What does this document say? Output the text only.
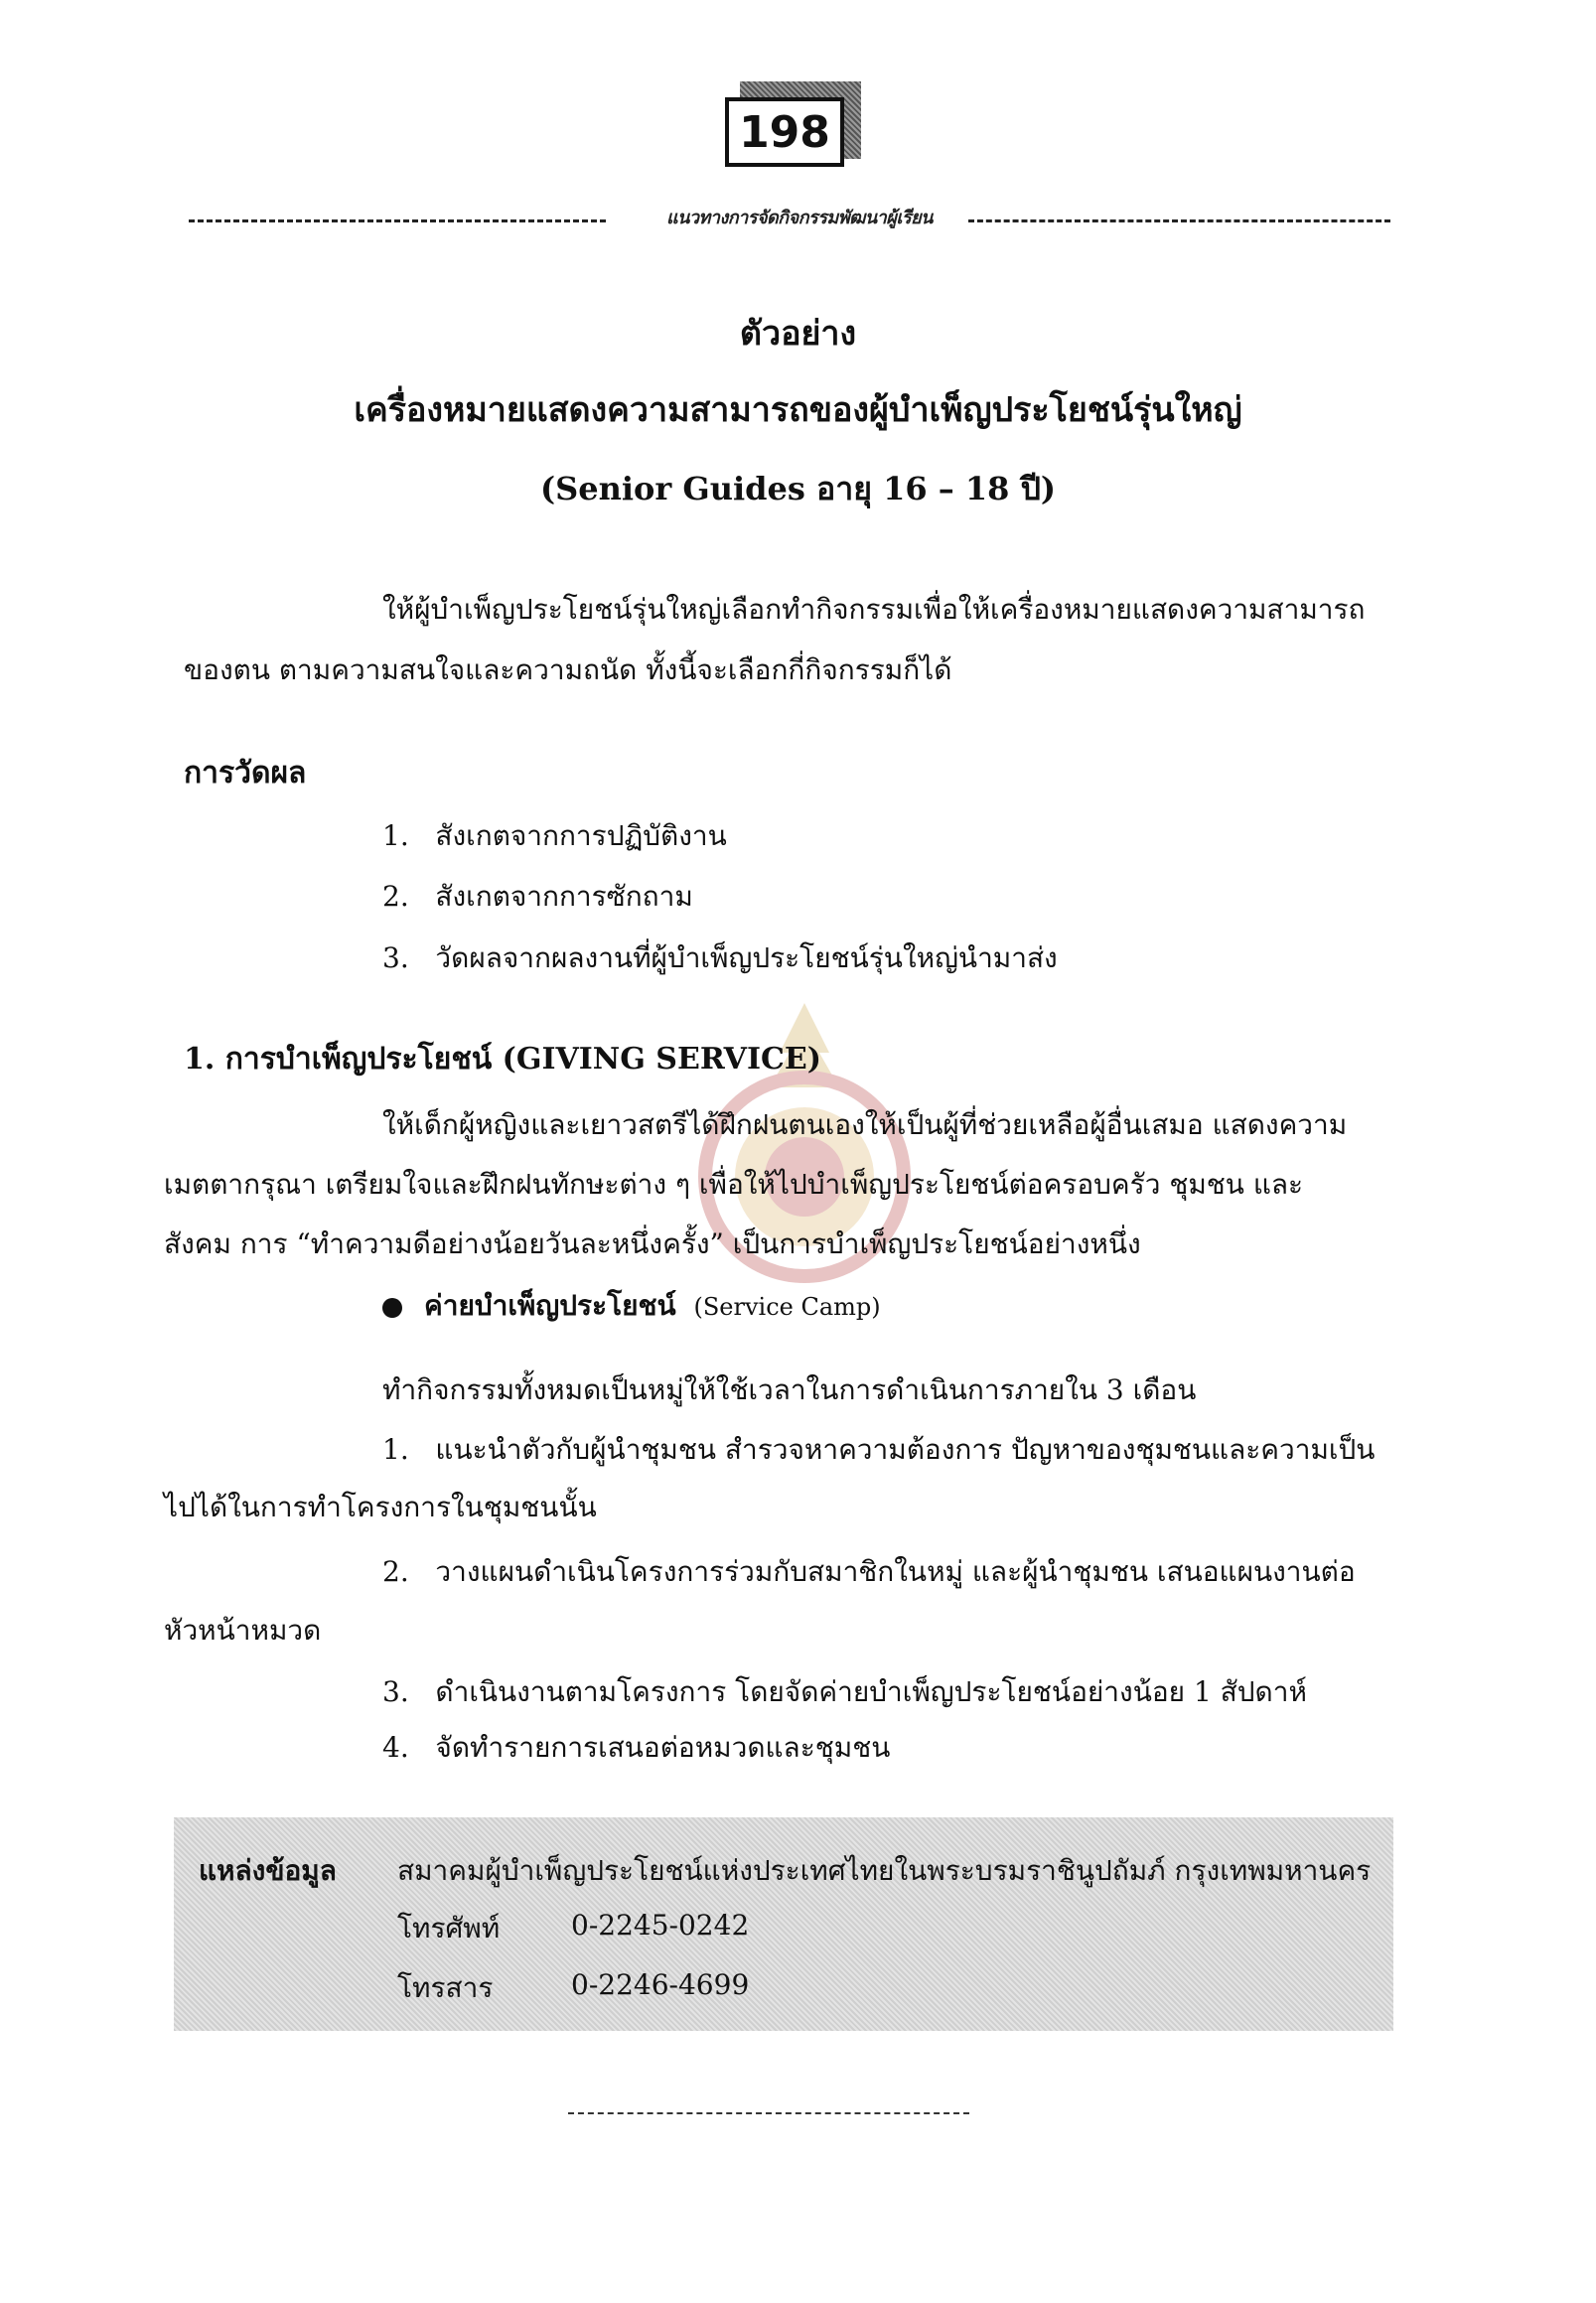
198
แนวทางการจัดกิจกรรมพัฒนาผู้เรียน
ตัวอย่าง
เครื่องหมายแสดงความสามารถของผู้บำเพ็ญประโยชน์รุ่นใหญ่
(Senior Guides อายุ 16 – 18 ปี)
ให้ผู้บำเพ็ญประโยชน์รุ่นใหญ่เลือกทำกิจกรรมเพื่อให้เครื่องหมายแสดงความสามารถ
ของตน ตามความสนใจและความถนัด ทั้งนี้จะเลือกกี่กิจกรรมก็ได้
การวัดผล
1. สังเกตจากการปฏิบัติงาน
2. สังเกตจากการซักถาม
3. วัดผลจากผลงานที่ผู้บำเพ็ญประโยชน์รุ่นใหญ่นำมาส่ง
1. การบำเพ็ญประโยชน์ (GIVING SERVICE)
ให้เด็กผู้หญิงและเยาวสตรีได้ฝึกฝนตนเองให้เป็นผู้ที่ช่วยเหลือผู้อื่นเสมอ แสดงความ
เมตตากรุณา เตรียมใจและฝึกฝนทักษะต่าง ๆ เพื่อให้ไปบำเพ็ญประโยชน์ต่อครอบครัว ชุมชน และ
สังคม การ “ทำความดีอย่างน้อยวันละหนึ่งครั้ง” เป็นการบำเพ็ญประโยชน์อย่างหนึ่ง
ค่ายบำเพ็ญประโยชน์ (Service Camp)
ทำกิจกรรมทั้งหมดเป็นหมู่ให้ใช้เวลาในการดำเนินการภายใน 3 เดือน
1. แนะนำตัวกับผู้นำชุมชน สำรวจหาความต้องการ ปัญหาของชุมชนและความเป็น
ไปได้ในการทำโครงการในชุมชนนั้น
2. วางแผนดำเนินโครงการร่วมกับสมาชิกในหมู่ และผู้นำชุมชน เสนอแผนงานต่อ
หัวหน้าหมวด
3. ดำเนินงานตามโครงการ โดยจัดค่ายบำเพ็ญประโยชน์อย่างน้อย 1 สัปดาห์
4. จัดทำรายการเสนอต่อหมวดและชุมชน
แหล่งข้อมูล สมาคมผู้บำเพ็ญประโยชน์แห่งประเทศไทยในพระบรมราชินูปถัมภ์ กรุงเทพมหานคร
โทรศัพท์	0-2245-0242
โทรสาร	0-2246-4699
